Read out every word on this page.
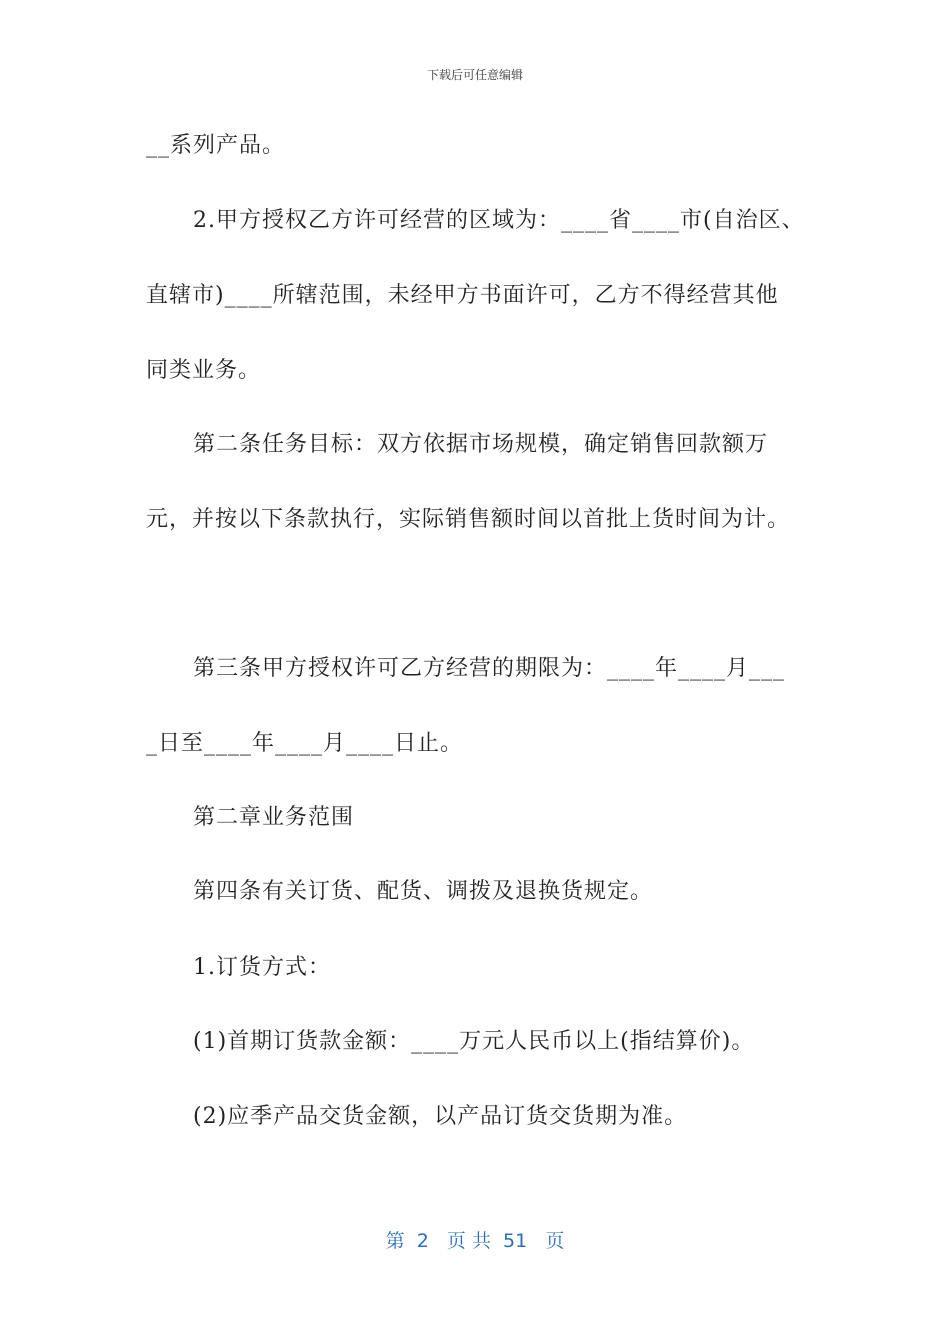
下载后可任意编辑
__系列产品。
2.甲方授权乙方许可经营的区域为：____省____市(自治区、
直辖市)____所辖范围，未经甲方书面许可，乙方不得经营其他
同类业务。
第二条任务目标：双方依据市场规模，确定销售回款额万
元，并按以下条款执行，实际销售额时间以首批上货时间为计。
第三条甲方授权许可乙方经营的期限为：____年____月___
_日至____年____月____日止。
第二章业务范围
第四条有关订货、配货、调拨及退换货规定。
1.订货方式：
(1)首期订货款金额：____万元人民币以上(指结算价)。
(2)应季产品交货金额，以产品订货交货期为准。
第  2   页 共  51   页
